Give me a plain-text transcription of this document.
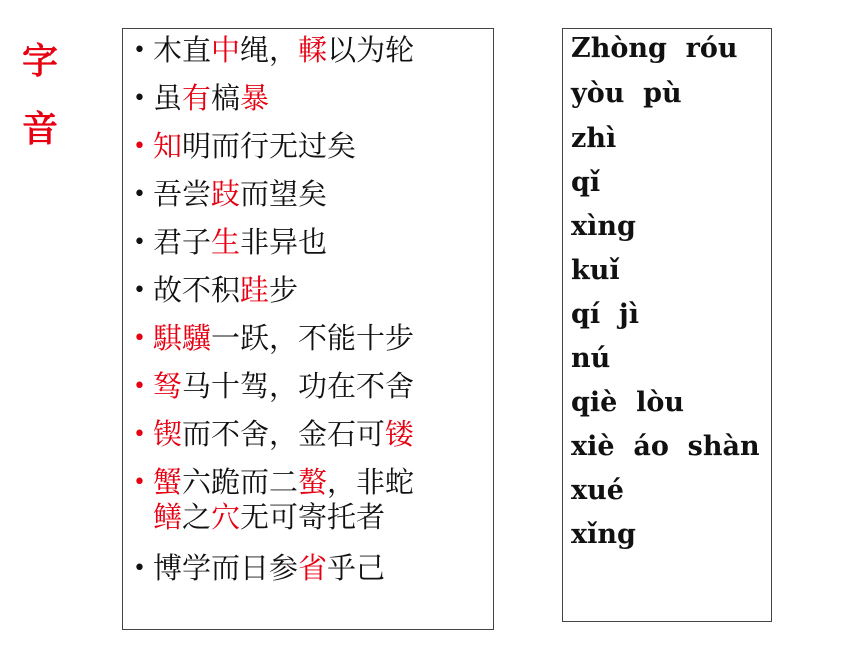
字
音
• 木直中绳，輮以为轮
• 虽有槁暴
• 知明而行无过矣
• 吾尝跂而望矣
• 君子生非异也
• 故不积跬步
• 騏驥一跃，不能十步
• 驽马十驾，功在不舍
• 锲而不舍，金石可镂
• 蟹六跪而二螯，非蛇
鳝之穴无可寄托者
• 博学而日参省乎己
Zhòng  róu
yòu  pù
zhì
qǐ
xìng
kuǐ
qí  jì
nú
qiè  lòu
xiè  áo  shàn
xué
xǐng
